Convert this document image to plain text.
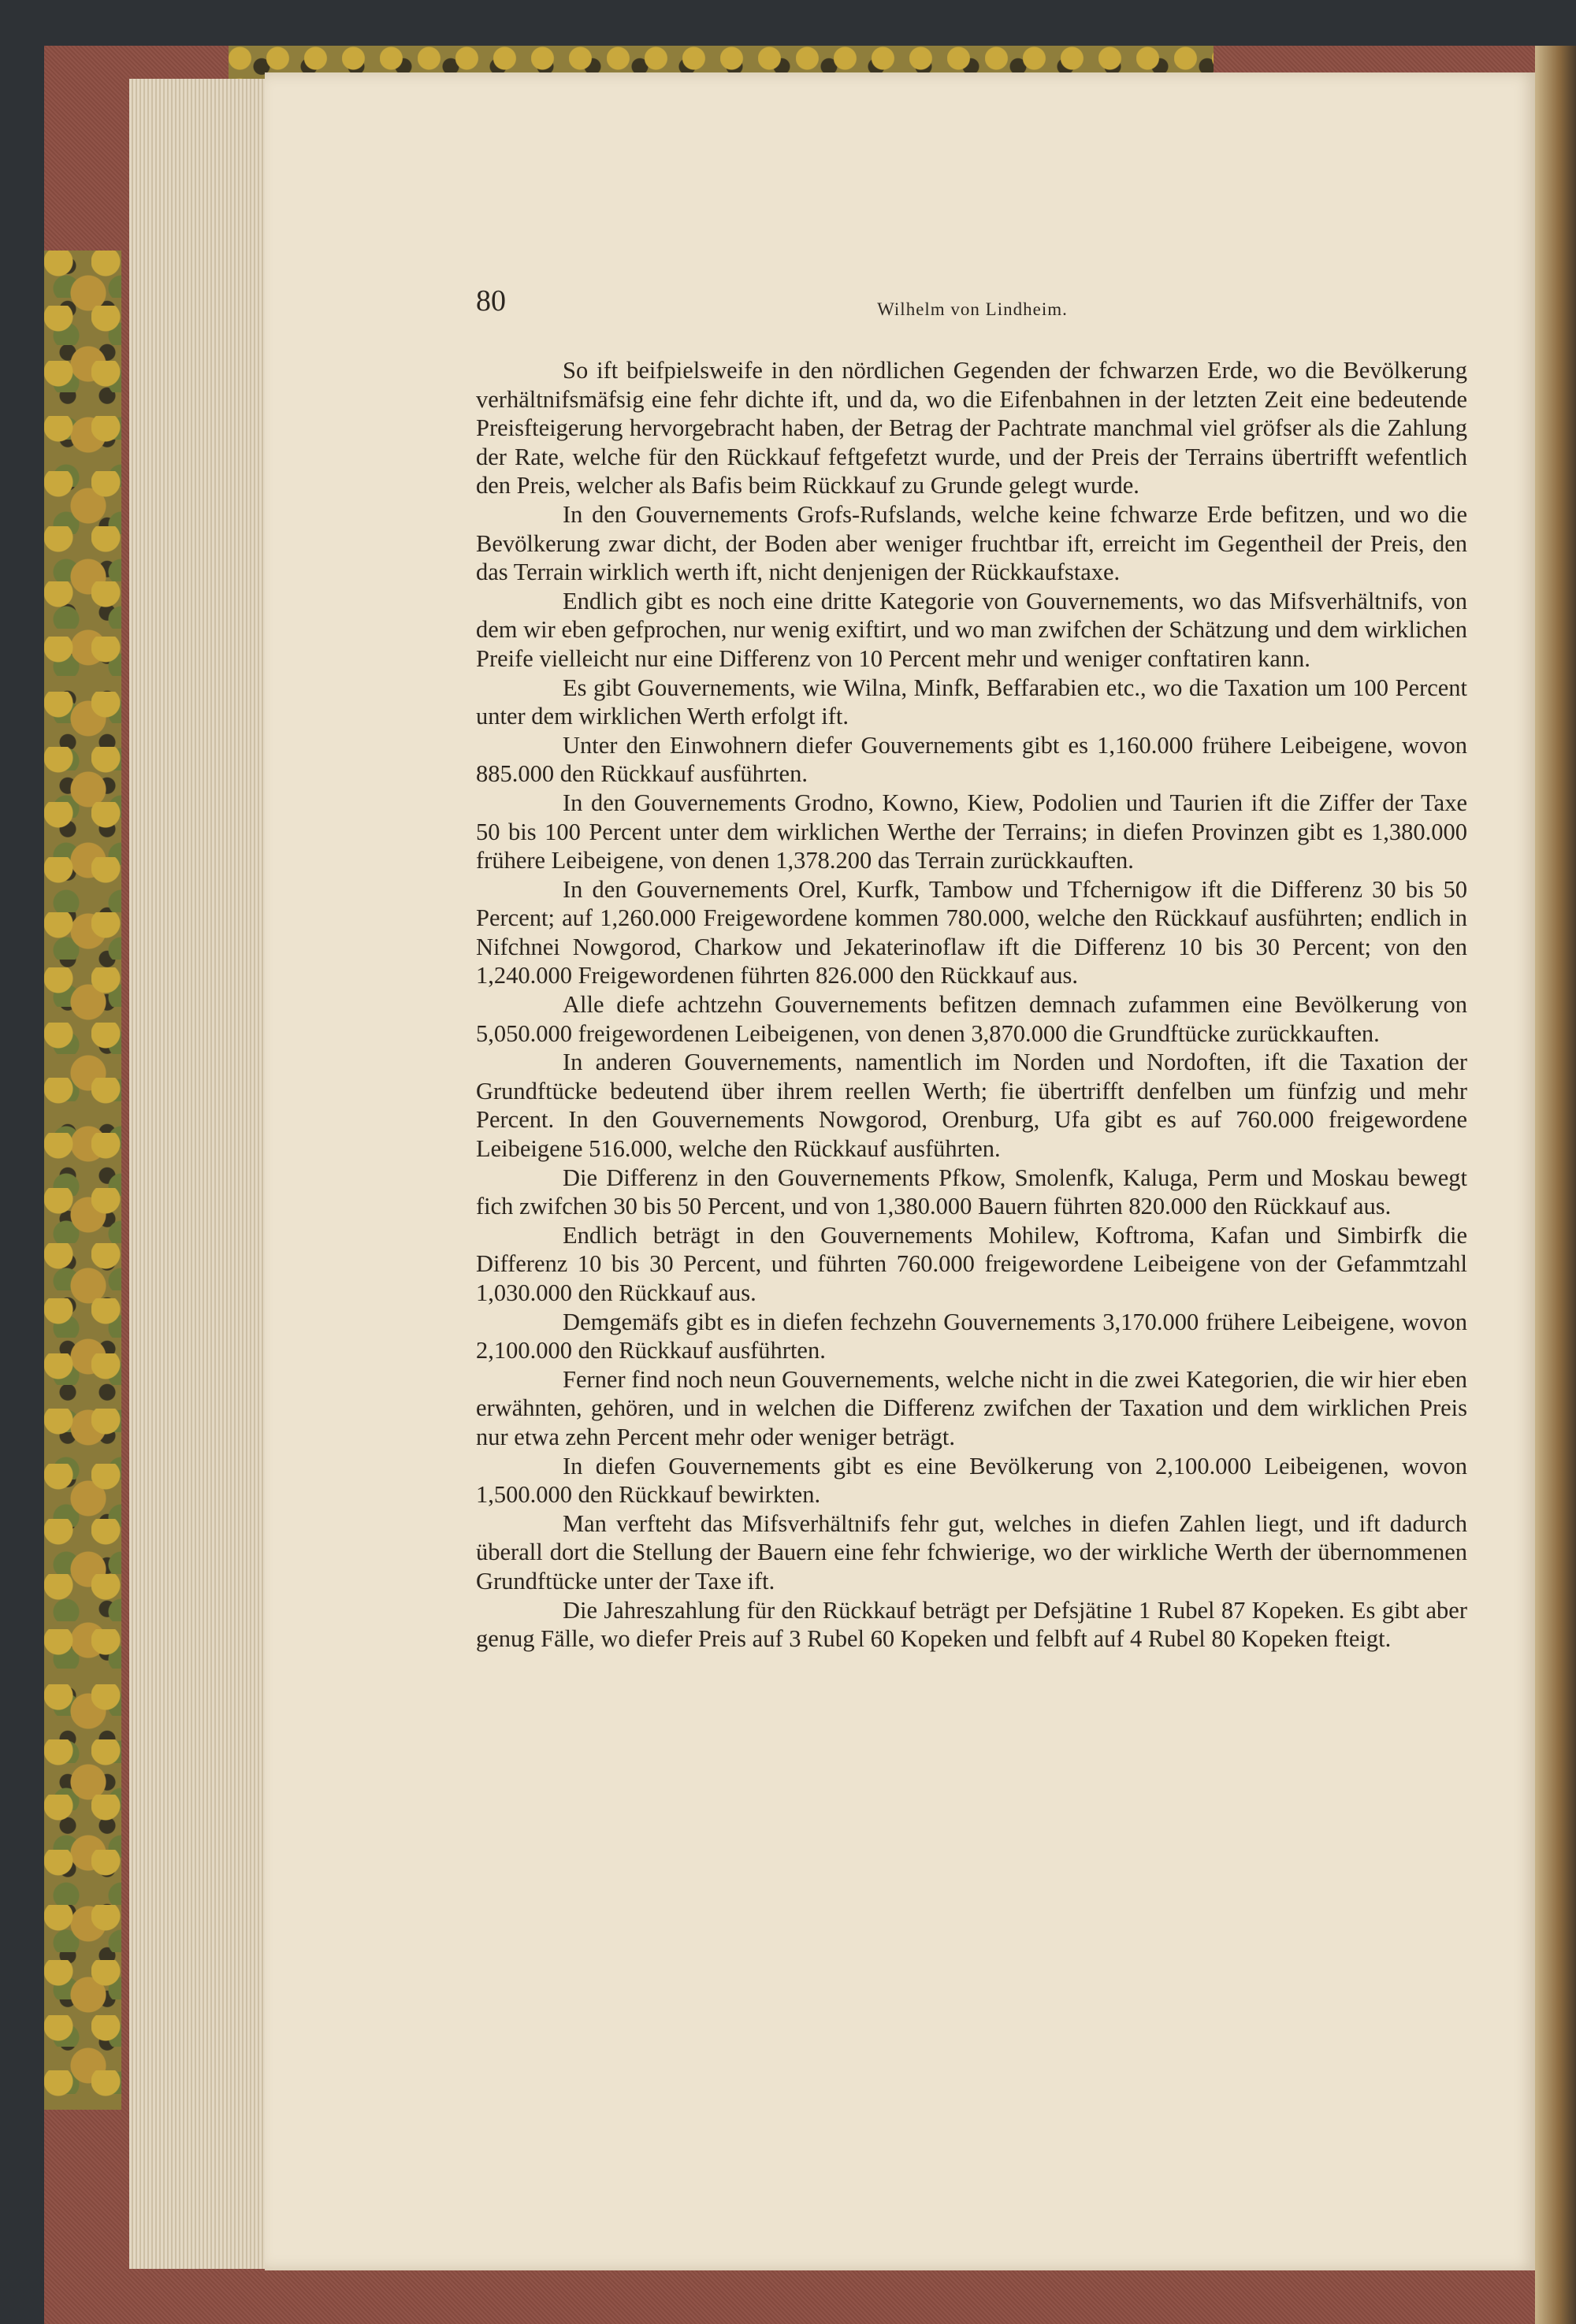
80	Wilhelm von Lindheim.

So ift beifpielsweife in den nördlichen Gegenden der fchwarzen Erde, wo die Bevölkerung verhältnifsmäfsig eine fehr dichte ift, und da, wo die Eifenbahnen in der letzten Zeit eine bedeutende Preisfteigerung hervorgebracht haben, der Betrag der Pachtrate manchmal viel gröfser als die Zahlung der Rate, welche für den Rückkauf feftgefetzt wurde, und der Preis der Terrains übertrifft wefentlich den Preis, welcher als Bafis beim Rückkauf zu Grunde gelegt wurde.

In den Gouvernements Grofs-Rufslands, welche keine fchwarze Erde befitzen, und wo die Bevölkerung zwar dicht, der Boden aber weniger fruchtbar ift, erreicht im Gegentheil der Preis, den das Terrain wirklich werth ift, nicht denjenigen der Rückkaufstaxe.

Endlich gibt es noch eine dritte Kategorie von Gouvernements, wo das Mifsverhältnifs, von dem wir eben gefprochen, nur wenig exiftirt, und wo man zwifchen der Schätzung und dem wirklichen Preife vielleicht nur eine Differenz von 10 Percent mehr und weniger conftatiren kann.

Es gibt Gouvernements, wie Wilna, Minfk, Beffarabien etc., wo die Taxation um 100 Percent unter dem wirklichen Werth erfolgt ift.

Unter den Einwohnern diefer Gouvernements gibt es 1,160.000 frühere Leibeigene, wovon 885.000 den Rückkauf ausführten.

In den Gouvernements Grodno, Kowno, Kiew, Podolien und Taurien ift die Ziffer der Taxe 50 bis 100 Percent unter dem wirklichen Werthe der Terrains; in diefen Provinzen gibt es 1,380.000 frühere Leibeigene, von denen 1,378.200 das Terrain zurückkauften.

In den Gouvernements Orel, Kurfk, Tambow und Tfchernigow ift die Differenz 30 bis 50 Percent; auf 1,260.000 Freigewordene kommen 780.000, welche den Rückkauf ausführten; endlich in Nifchnei Nowgorod, Charkow und Jekaterinoflaw ift die Differenz 10 bis 30 Percent; von den 1,240.000 Freigewordenen führten 826.000 den Rückkauf aus.

Alle diefe achtzehn Gouvernements befitzen demnach zufammen eine Bevölkerung von 5,050.000 freigewordenen Leibeigenen, von denen 3,870.000 die Grundftücke zurückkauften.

In anderen Gouvernements, namentlich im Norden und Nordoften, ift die Taxation der Grundftücke bedeutend über ihrem reellen Werth; fie übertrifft denfelben um fünfzig und mehr Percent. In den Gouvernements Nowgorod, Orenburg, Ufa gibt es auf 760.000 freigewordene Leibeigene 516.000, welche den Rückkauf ausführten.

Die Differenz in den Gouvernements Pfkow, Smolenfk, Kaluga, Perm und Moskau bewegt fich zwifchen 30 bis 50 Percent, und von 1,380.000 Bauern führten 820.000 den Rückkauf aus.

Endlich beträgt in den Gouvernements Mohilew, Koftroma, Kafan und Simbirfk die Differenz 10 bis 30 Percent, und führten 760.000 freigewordene Leibeigene von der Gefammtzahl 1,030.000 den Rückkauf aus.

Demgemäfs gibt es in diefen fechzehn Gouvernements 3,170.000 frühere Leibeigene, wovon 2,100.000 den Rückkauf ausführten.

Ferner find noch neun Gouvernements, welche nicht in die zwei Kategorien, die wir hier eben erwähnten, gehören, und in welchen die Differenz zwifchen der Taxation und dem wirklichen Preis nur etwa zehn Percent mehr oder weniger beträgt.

In diefen Gouvernements gibt es eine Bevölkerung von 2,100.000 Leibeigenen, wovon 1,500.000 den Rückkauf bewirkten.

Man verfteht das Mifsverhältnifs fehr gut, welches in diefen Zahlen liegt, und ift dadurch überall dort die Stellung der Bauern eine fehr fchwierige, wo der wirkliche Werth der übernommenen Grundftücke unter der Taxe ift.

Die Jahreszahlung für den Rückkauf beträgt per Defsjätine 1 Rubel 87 Kopeken. Es gibt aber genug Fälle, wo diefer Preis auf 3 Rubel 60 Kopeken und felbft auf 4 Rubel 80 Kopeken fteigt.
